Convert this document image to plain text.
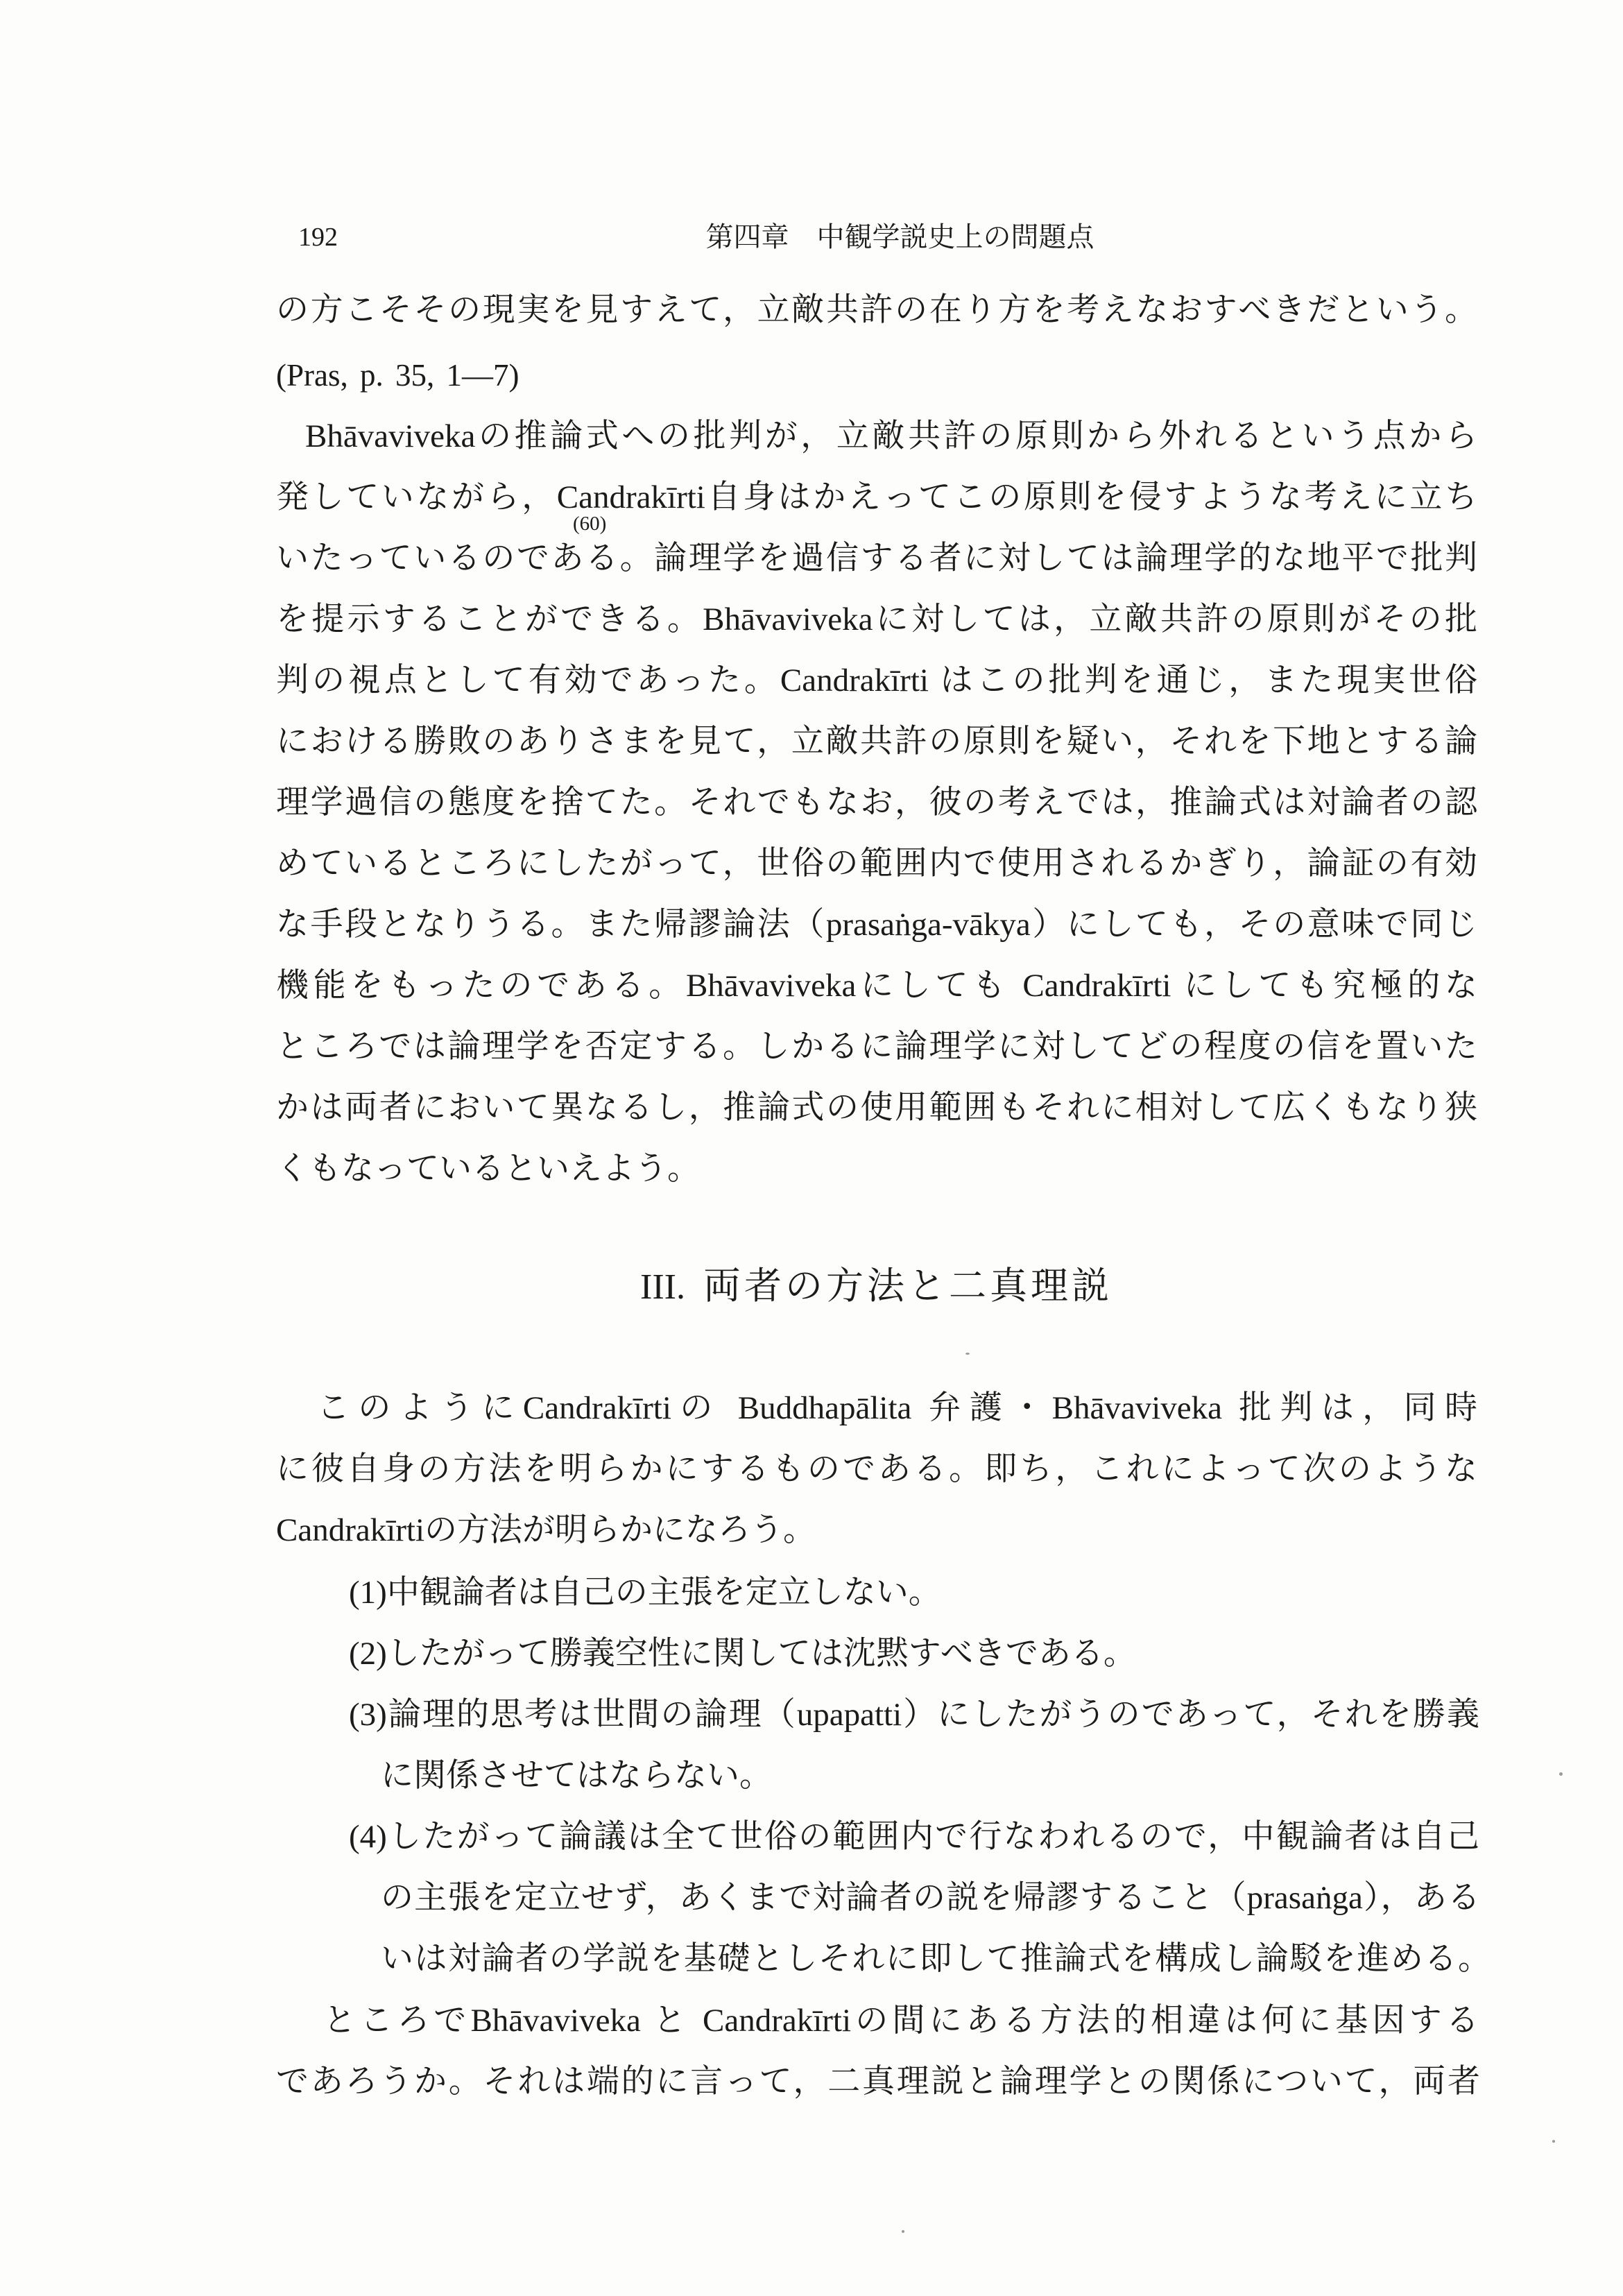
192	第四章　中観学説史上の問題点
の方こそその現実を見すえて，立敵共許の在り方を考えなおすべきだという。
(Pras, p. 35, 1—7)
Bhāvavivekaの推論式への批判が，立敵共許の原則から外れるという点から
発していながら，Candrakīrti自身はかえってこの原則を侵すような考えに立ち
いたっているのである。論理学を過信する者に対しては論理学的な地平で批判
(60)
を提示することができる。Bhāvavivekaに対しては，立敵共許の原則がその批
判の視点として有効であった。Candrakīrti はこの批判を通じ，また現実世俗
における勝敗のありさまを見て，立敵共許の原則を疑い，それを下地とする論
理学過信の態度を捨てた。それでもなお，彼の考えでは，推論式は対論者の認
めているところにしたがって，世俗の範囲内で使用されるかぎり，論証の有効
な手段となりうる。また帰謬論法（prasaṅga-vākya）にしても，その意味で同じ
機能をもったのである。Bhāvavivekaにしても Candrakīrti にしても究極的な
ところでは論理学を否定する。しかるに論理学に対してどの程度の信を置いた
かは両者において異なるし，推論式の使用範囲もそれに相対して広くもなり狭
くもなっているといえよう。
III. 両者の方法と二真理説
このようにCandrakīrtiの Buddhapālita 弁護・Bhāvaviveka 批判は，同時
に彼自身の方法を明らかにするものである。即ち，これによって次のような
Candrakīrtiの方法が明らかになろう。
(1)中観論者は自己の主張を定立しない。
(2)したがって勝義空性に関しては沈黙すべきである。
(3)論理的思考は世間の論理（upapatti）にしたがうのであって，それを勝義
に関係させてはならない。
(4)したがって論議は全て世俗の範囲内で行なわれるので，中観論者は自己
の主張を定立せず，あくまで対論者の説を帰謬すること（prasaṅga），ある
いは対論者の学説を基礎としそれに即して推論式を構成し論駁を進める。
ところでBhāvaviveka と Candrakīrtiの間にある方法的相違は何に基因する
であろうか。それは端的に言って，二真理説と論理学との関係について，両者
